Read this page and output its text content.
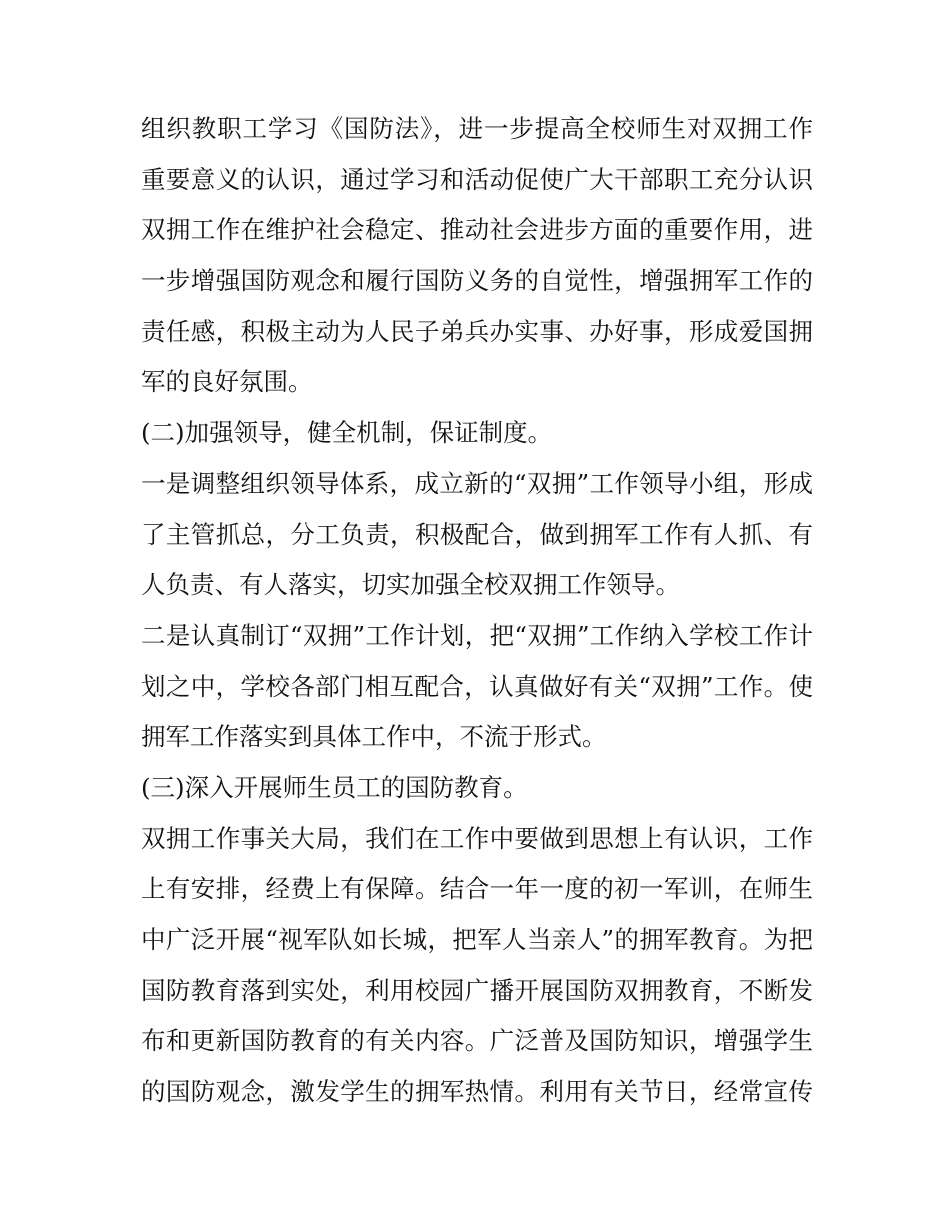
组织教职工学习《国防法》，进一步提高全校师生对双拥工作
重要意义的认识，通过学习和活动促使广大干部职工充分认识
双拥工作在维护社会稳定、推动社会进步方面的重要作用，进
一步增强国防观念和履行国防义务的自觉性，增强拥军工作的
责任感，积极主动为人民子弟兵办实事、办好事，形成爱国拥
军的良好氛围。
(二)加强领导，健全机制，保证制度。
一是调整组织领导体系，成立新的“双拥”工作领导小组，形成
了主管抓总，分工负责，积极配合，做到拥军工作有人抓、有
人负责、有人落实，切实加强全校双拥工作领导。
二是认真制订“双拥”工作计划，把“双拥”工作纳入学校工作计
划之中，学校各部门相互配合，认真做好有关“双拥”工作。使
拥军工作落实到具体工作中，不流于形式。
(三)深入开展师生员工的国防教育。
双拥工作事关大局，我们在工作中要做到思想上有认识，工作
上有安排，经费上有保障。结合一年一度的初一军训，在师生
中广泛开展“视军队如长城，把军人当亲人”的拥军教育。为把
国防教育落到实处，利用校园广播开展国防双拥教育，不断发
布和更新国防教育的有关内容。广泛普及国防知识，增强学生
的国防观念，激发学生的拥军热情。利用有关节日，经常宣传
